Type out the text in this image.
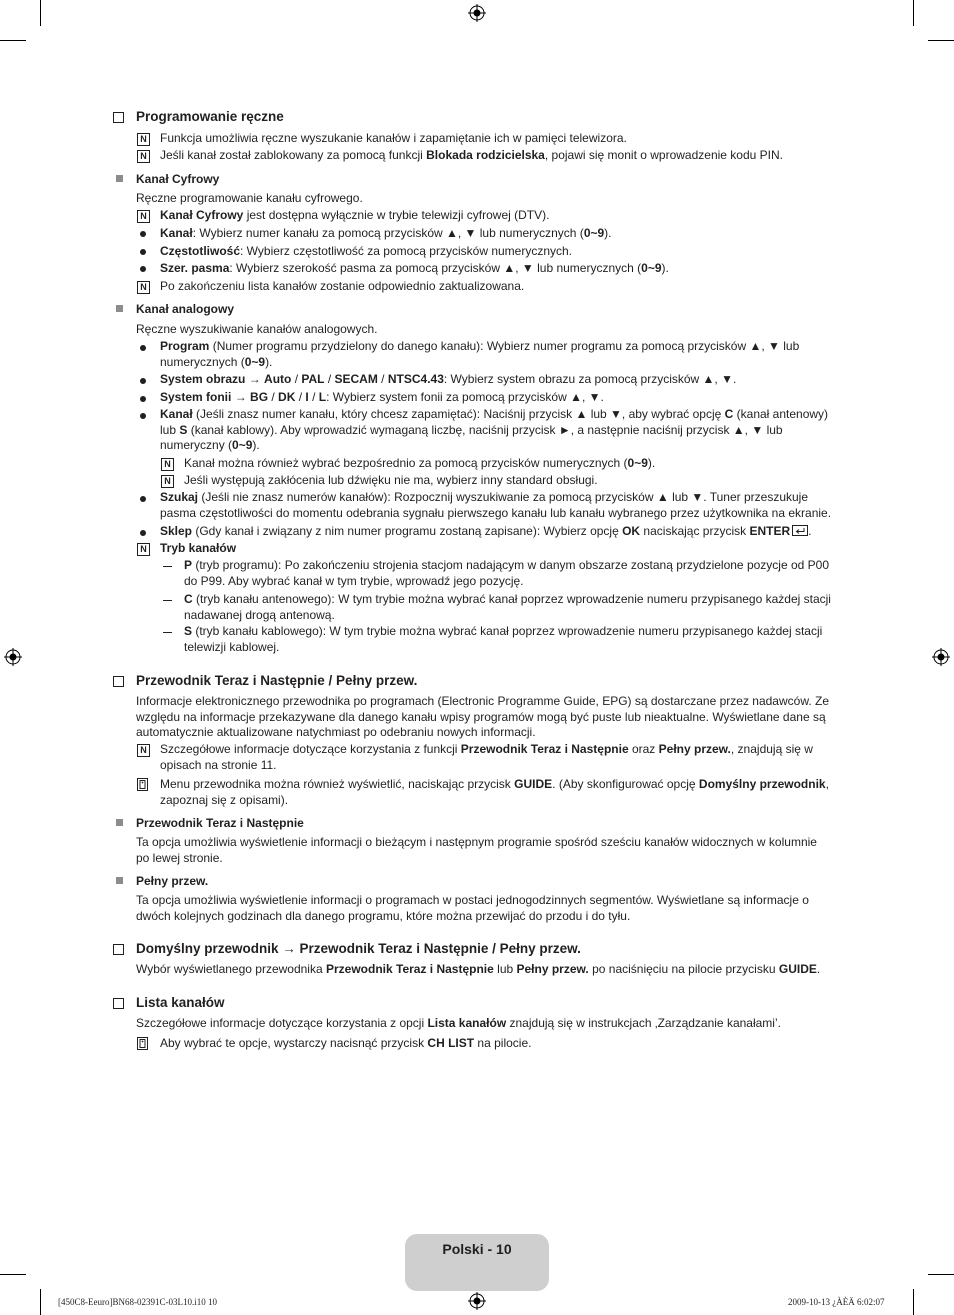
Programowanie ręczne
N Funkcja umożliwia ręczne wyszukanie kanałów i zapamiętanie ich w pamięci telewizora.
N Jeśli kanał został zablokowany za pomocą funkcji Blokada rodzicielska, pojawi się monit o wprowadzenie kodu PIN.
Kanał Cyfrowy
Ręczne programowanie kanału cyfrowego.
N Kanał Cyfrowy jest dostępna wyłącznie w trybie telewizji cyfrowej (DTV).
Kanał: Wybierz numer kanału za pomocą przycisków ▲, ▼ lub numerycznych (0~9).
Częstotliwość: Wybierz częstotliwość za pomocą przycisków numerycznych.
Szer. pasma: Wybierz szerokość pasma za pomocą przycisków ▲, ▼ lub numerycznych (0~9).
N Po zakończeniu lista kanałów zostanie odpowiednio zaktualizowana.
Kanał analogowy
Ręczne wyszukiwanie kanałów analogowych.
Program (Numer programu przydzielony do danego kanału): Wybierz numer programu za pomocą przycisków ▲, ▼ lub
numerycznych (0~9).
System obrazu → Auto / PAL / SECAM / NTSC4.43: Wybierz system obrazu za pomocą przycisków ▲, ▼.
System fonii → BG / DK / I / L: Wybierz system fonii za pomocą przycisków ▲, ▼.
Kanał (Jeśli znasz numer kanału, który chcesz zapamiętać): Naciśnij przycisk ▲ lub ▼, aby wybrać opcję C (kanał antenowy)
lub S (kanał kablowy). Aby wprowadzić wymaganą liczbę, naciśnij przycisk ►, a następnie naciśnij przycisk ▲, ▼ lub
numeryczny (0~9).
N Kanał można również wybrać bezpośrednio za pomocą przycisków numerycznych (0~9).
N Jeśli występują zakłócenia lub dźwięku nie ma, wybierz inny standard obsługi.
Szukaj (Jeśli nie znasz numerów kanałów): Rozpocznij wyszukiwanie za pomocą przycisków ▲ lub ▼. Tuner przeszukuje
pasma częstotliwości do momentu odebrania sygnału pierwszego kanału lub kanału wybranego przez użytkownika na ekranie.
Sklep (Gdy kanał i związany z nim numer programu zostaną zapisane): Wybierz opcję OK naciskając przycisk ENTER .
N Tryb kanałów
P (tryb programu): Po zakończeniu strojenia stacjom nadającym w danym obszarze zostaną przydzielone pozycje od P00
do P99. Aby wybrać kanał w tym trybie, wprowadź jego pozycję.
C (tryb kanału antenowego): W tym trybie można wybrać kanał poprzez wprowadzenie numeru przypisanego każdej stacji
nadawanej drogą antenową.
S (tryb kanału kablowego): W tym trybie można wybrać kanał poprzez wprowadzenie numeru przypisanego każdej stacji
telewizji kablowej.
Przewodnik Teraz i Następnie / Pełny przew.
Informacje elektronicznego przewodnika po programach (Electronic Programme Guide, EPG) są dostarczane przez nadawców. Ze
względu na informacje przekazywane dla danego kanału wpisy programów mogą być puste lub nieaktualne. Wyświetlane dane są
automatycznie aktualizowane natychmiast po odebraniu nowych informacji.
N Szczegółowe informacje dotyczące korzystania z funkcji Przewodnik Teraz i Następnie oraz Pełny przew., znajdują się w
opisach na stronie 11.
Menu przewodnika można również wyświetlić, naciskając przycisk GUIDE. (Aby skonfigurować opcję Domyślny przewodnik,
zapoznaj się z opisami).
Przewodnik Teraz i Następnie
Ta opcja umożliwia wyświetlenie informacji o bieżącym i następnym programie spośród sześciu kanałów widocznych w kolumnie
po lewej stronie.
Pełny przew.
Ta opcja umożliwia wyświetlenie informacji o programach w postaci jednogodzinnych segmentów. Wyświetlane są informacje o
dwóch kolejnych godzinach dla danego programu, które można przewijać do przodu i do tyłu.
Domyślny przewodnik → Przewodnik Teraz i Następnie / Pełny przew.
Wybór wyświetlanego przewodnika Przewodnik Teraz i Następnie lub Pełny przew. po naciśnięciu na pilocie przycisku GUIDE.
Lista kanałów
Szczegółowe informacje dotyczące korzystania z opcji Lista kanałów znajdują się w instrukcjach ‚Zarządzanie kanałami’.
Aby wybrać te opcje, wystarczy nacisnąć przycisk CH LIST na pilocie.
Polski - 10
[450C8-Eeuro]BN68-02391C-03L10.i10 10	2009-10-13 ¿ÀÈÄ 6:02:07
